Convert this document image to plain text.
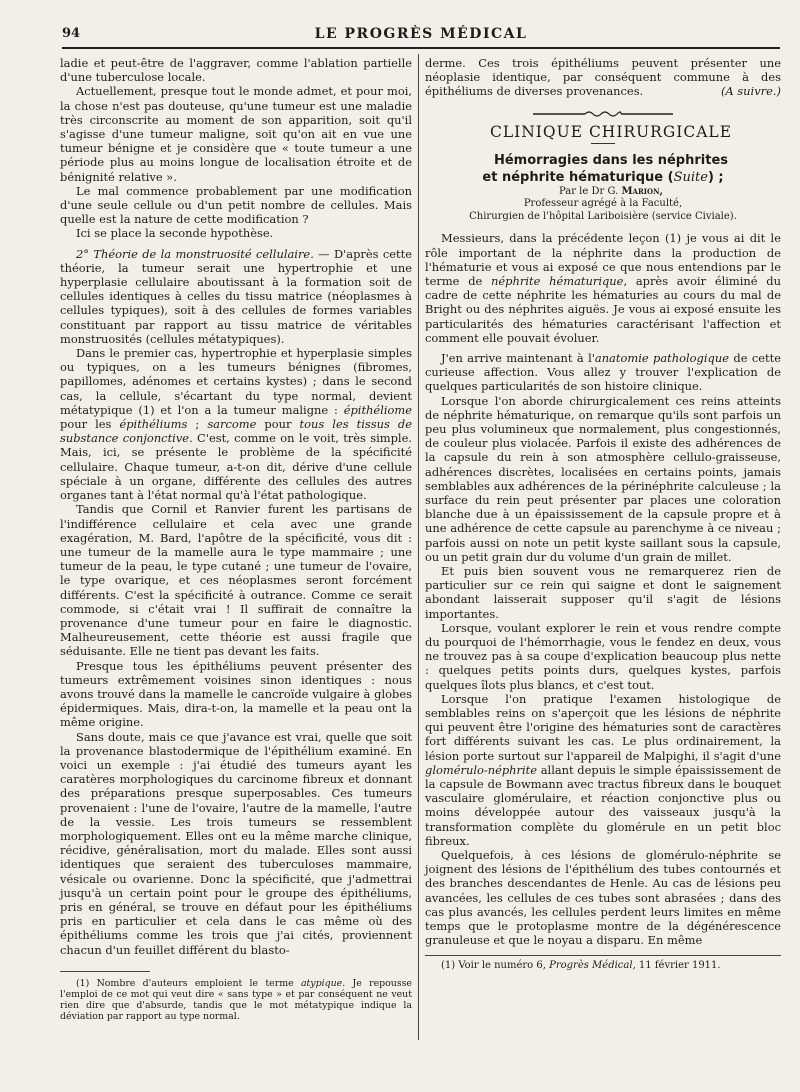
94	LE PROGRÈS MÉDICAL

ladie et peut-être de l'aggraver, comme l'ablation partielle d'une tuberculose locale.

Actuellement, presque tout le monde admet, et pour moi, la chose n'est pas douteuse, qu'une tumeur est une maladie très circonscrite au moment de son apparition, soit qu'il s'agisse d'une tumeur maligne, soit qu'on ait en vue une tumeur bénigne et je considère que « toute tumeur a une période plus au moins longue de localisation étroite et de bénignité relative ».

Le mal commence probablement par une modification d'une seule cellule ou d'un petit nombre de cellules. Mais quelle est la nature de cette modification ?

Ici se place la seconde hypothèse.

2° Théorie de la monstruosité cellulaire. — D'après cette théorie, la tumeur serait une hypertrophie et une hyperplasie cellulaire aboutissant à la formation soit de cellules identiques à celles du tissu matrice (néoplasmes à cellules typiques), soit à des cellules de formes variables constituant par rapport au tissu matrice de véritables monstruosités (cellules métatypiques).

Dans le premier cas, hypertrophie et hyperplasie simples ou typiques, on a les tumeurs bénignes (fibromes, papillomes, adénomes et certains kystes) ; dans le second cas, la cellule, s'écartant du type normal, devient métatypique (1) et l'on a la tumeur maligne : épithéliome pour les épithéliums ; sarcome pour tous les tissus de substance conjonctive. C'est, comme on le voit, très simple. Mais, ici, se présente le problème de la spécificité cellulaire. Chaque tumeur, a-t-on dit, dérive d'une cellule spéciale à un organe, différente des cellules des autres organes tant à l'état normal qu'à l'état pathologique.

Tandis que Cornil et Ranvier furent les partisans de l'indifférence cellulaire et cela avec une grande exagération, M. Bard, l'apôtre de la spécificité, vous dit : une tumeur de la mamelle aura le type mammaire ; une tumeur de la peau, le type cutané ; une tumeur de l'ovaire, le type ovarique, et ces néoplasmes seront forcément différents. C'est la spécificité à outrance. Comme ce serait commode, si c'était vrai ! Il suffirait de connaître la provenance d'une tumeur pour en faire le diagnostic. Malheureusement, cette théorie est aussi fragile que séduisante. Elle ne tient pas devant les faits.

Presque tous les épithéliums peuvent présenter des tumeurs extrêmement voisines sinon identiques : nous avons trouvé dans la mamelle le cancroïde vulgaire à globes épidermiques. Mais, dira-t-on, la mamelle et la peau ont la même origine.

Sans doute, mais ce que j'avance est vrai, quelle que soit la provenance blastodermique de l'épithélium examiné. En voici un exemple : j'ai étudié des tumeurs ayant les caratères morphologiques du carcinome fibreux et donnant des préparations presque superposables. Ces tumeurs provenaient : l'une de l'ovaire, l'autre de la mamelle, l'autre de la vessie. Les trois tumeurs se ressemblent morphologiquement. Elles ont eu la même marche clinique, récidive, généralisation, mort du malade. Elles sont aussi identiques que seraient des tuberculoses mammaire, vésicale ou ovarienne. Donc la spécificité, que j'admettrai jusqu'à un certain point pour le groupe des épithéliums, pris en général, se trouve en défaut pour les épithéliums pris en particulier et cela dans le cas même où des épithéliums comme les trois que j'ai cités, proviennent chacun d'un feuillet différent du blasto-

(1) Nombre d'auteurs emploient le terme atypique. Je repousse l'emploi de ce mot qui veut dire « sans type » et par conséquent ne veut rien dire que d'absurde, tandis que le mot métatypique indique la déviation par rapport au type normal.

derme. Ces trois épithéliums peuvent présenter une néoplasie identique, par conséquent commune à des épithéliums de diverses provenances.	(A suivre.)

CLINIQUE CHIRURGICALE

Hémorragies dans les néphrites
et néphrite hématurique (Suite) ;

Par le Dr G. Marion,
Professeur agrégé à la Faculté,
Chirurgien de l'hôpital Lariboisière (service Civiale).

Messieurs, dans la précédente leçon (1) je vous ai dit le rôle important de la néphrite dans la production de l'hématurie et vous ai exposé ce que nous entendions par le terme de néphrite hématurique, après avoir éliminé du cadre de cette néphrite les hématuries au cours du mal de Bright ou des néphrites aiguës. Je vous ai exposé ensuite les particularités des hématuries caractérisant l'affection et comment elle pouvait évoluer.

J'en arrive maintenant à l'anatomie pathologique de cette curieuse affection. Vous allez y trouver l'explication de quelques particularités de son histoire clinique.

Lorsque l'on aborde chirurgicalement ces reins atteints de néphrite hématurique, on remarque qu'ils sont parfois un peu plus volumineux que normalement, plus congestionnés, de couleur plus violacée. Parfois il existe des adhérences de la capsule du rein à son atmosphère cellulo-graisseuse, adhérences discrètes, localisées en certains points, jamais semblables aux adhérences de la périnéphrite calculeuse ; la surface du rein peut présenter par places une coloration blanche due à un épaississement de la capsule propre et à une adhérence de cette capsule au parenchyme à ce niveau ; parfois aussi on note un petit kyste saillant sous la capsule, ou un petit grain dur du volume d'un grain de millet.

Et puis bien souvent vous ne remarquerez rien de particulier sur ce rein qui saigne et dont le saignement abondant laisserait supposer qu'il s'agit de lésions importantes.

Lorsque, voulant explorer le rein et vous rendre compte du pourquoi de l'hémorrhagie, vous le fendez en deux, vous ne trouvez pas à sa coupe d'explication beaucoup plus nette : quelques petits points durs, quelques kystes, parfois quelques îlots plus blancs, et c'est tout.

Lorsque l'on pratique l'examen histologique de semblables reins on s'aperçoit que les lésions de néphrite qui peuvent être l'origine des hématuries sont de caractères fort différents suivant les cas. Le plus ordinairement, la lésion porte surtout sur l'appareil de Malpighi, il s'agit d'une glomérulo-néphrite allant depuis le simple épaississement de la capsule de Bowmann avec tractus fibreux dans le bouquet vasculaire glomérulaire, et réaction conjonctive plus ou moins développée autour des vaisseaux jusqu'à la transformation complète du glomérule en un petit bloc fibreux.

Quelquefois, à ces lésions de glomérulo-néphrite se joignent des lésions de l'épithélium des tubes contournés et des branches descendantes de Henle. Au cas de lésions peu avancées, les cellules de ces tubes sont abrasées ; dans des cas plus avancés, les cellules perdent leurs limites en même temps que le protoplasme montre de la dégénérescence granuleuse et que le noyau a disparu. En même

(1) Voir le numéro 6, Progrès Médical, 11 février 1911.
